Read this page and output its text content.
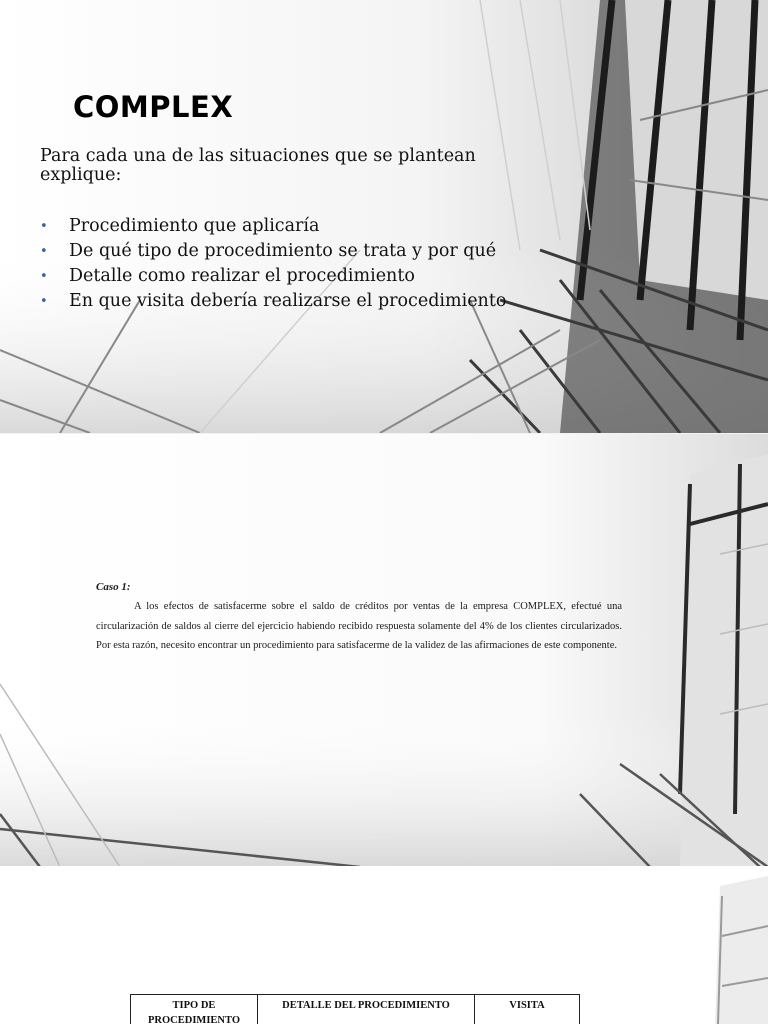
COMPLEX

Para cada una de las situaciones que se plantean explique:

• Procedimiento que aplicaría
• De qué tipo de procedimiento se trata y por qué
• Detalle como realizar el procedimiento
• En que visita debería realizarse el procedimiento

Caso 1:

A los efectos de satisfacerme sobre el saldo de créditos por ventas de la empresa COMPLEX, efectué una circularización de saldos al cierre del ejercicio habiendo recibido respuesta solamente del 4% de los clientes circularizados. Por esta razón, necesito encontrar un procedimiento para satisfacerme de la validez de las afirmaciones de este componente.

TIPO DE PROCEDIMIENTO	DETALLE DEL PROCEDIMIENTO	VISITA
